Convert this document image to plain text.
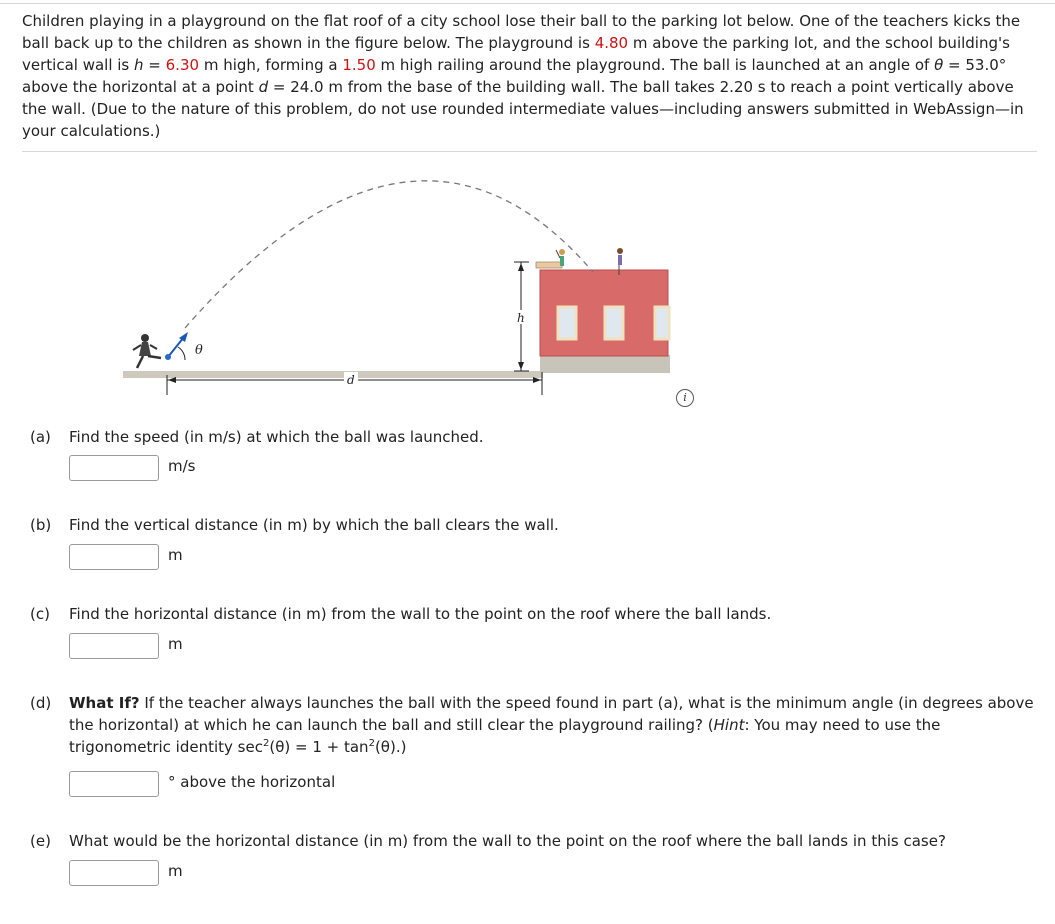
Children playing in a playground on the flat roof of a city school lose their ball to the parking lot below. One of the teachers kicks the ball back up to the children as shown in the figure below. The playground is 4.80 m above the parking lot, and the school building's vertical wall is h = 6.30 m high, forming a 1.50 m high railing around the playground. The ball is launched at an angle of θ = 53.0° above the horizontal at a point d = 24.0 m from the base of the building wall. The ball takes 2.20 s to reach a point vertically above the wall. (Due to the nature of this problem, do not use rounded intermediate values—including answers submitted in WebAssign—in your calculations.)
h
d
θ
i
(a) Find the speed (in m/s) at which the ball was launched.
m/s
(b) Find the vertical distance (in m) by which the ball clears the wall.
m
(c) Find the horizontal distance (in m) from the wall to the point on the roof where the ball lands.
m
(d) What If? If the teacher always launches the ball with the speed found in part (a), what is the minimum angle (in degrees above the horizontal) at which he can launch the ball and still clear the playground railing? (Hint: You may need to use the trigonometric identity $\sec^2(\theta) = 1 + \tan^2(\theta)$.)
° above the horizontal
(e) What would be the horizontal distance (in m) from the wall to the point on the roof where the ball lands in this case?
m
